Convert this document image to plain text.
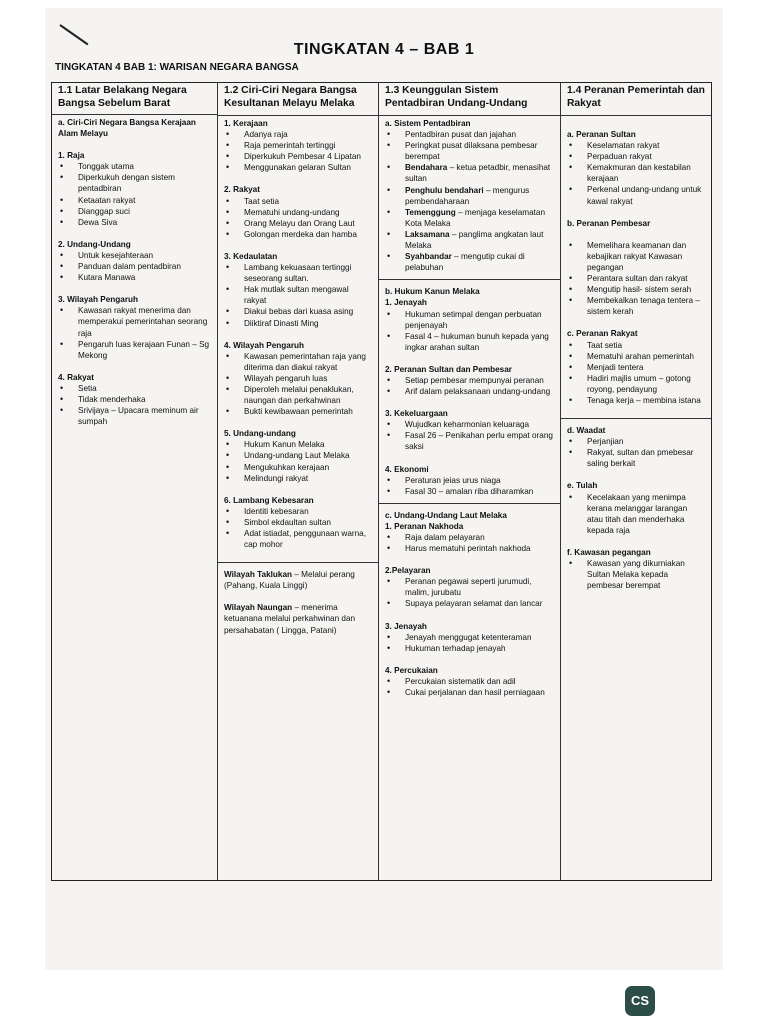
TINGKATAN 4 – BAB 1
TINGKATAN 4 BAB 1: WARISAN NEGARA BANGSA
1.1 Latar Belakang Negara Bangsa Sebelum Barat
a. Ciri-Ciri Negara Bangsa Kerajaan Alam Melayu
1. Raja
• Tonggak utama
• Diperkukuh dengan sistem pentadbiran
• Ketaatan rakyat
• Dianggap suci
• Dewa Siva
2. Undang-Undang
• Untuk kesejahteraan
• Panduan dalam pentadbiran
• Kutara Manawa
3. Wilayah Pengaruh
• Kawasan rakyat menerima dan memperakui pemerintahan seorang raja
• Pengaruh luas kerajaan Funan – Sg Mekong
4. Rakyat
• Setia
• Tidak menderhaka
• Srivijaya – Upacara meminum air sumpah
1.2 Ciri-Ciri Negara Bangsa Kesultanan Melayu Melaka
1. Kerajaan
• Adanya raja
• Raja pemerintah tertinggi
• Diperkukuh Pembesar 4 Lipatan
• Menggunakan gelaran Sultan
2. Rakyat
• Taat setia
• Mematuhi undang-undang
• Orang Melayu dan Orang Laut
• Golongan merdeka dan hamba
3. Kedaulatan
• Lambang kekuasaan tertinggi seseorang sultan.
• Hak mutlak sultan mengawal rakyat
• Diakui bebas dari kuasa asing
• Diiktiraf Dinasti Ming
4. Wilayah Pengaruh
• Kawasan pemerintahan raja yang diterima dan diakui rakyat
• Wilayah pengaruh luas
• Diperoleh melalui penaklukan, naungan dan perkahwinan
• Bukti kewibawaan pemerintah
5. Undang-undang
• Hukum Kanun Melaka
• Undang-undang Laut Melaka
• Mengukuhkan kerajaan
• Melindungi rakyat
6. Lambang Kebesaran
• Identiti kebesaran
• Simbol ekdaultan sultan
• Adat istiadat, penggunaan warna, cap mohor
Wilayah Taklukan – Melalui perang (Pahang, Kuala Linggi)
Wilayah Naungan – menerima ketuanana melalui perkahwinan dan persahabatan ( Lingga, Patani)
1.3 Keunggulan Sistem Pentadbiran Undang-Undang
a. Sistem Pentadbiran
• Pentadbiran pusat dan jajahan
• Peringkat pusat dilaksana pembesar berempat
• Bendahara – ketua petadbir, menasihat sultan
• Penghulu bendahari – mengurus pembendaharaan
• Temenggung – menjaga keselamatan Kota Melaka
• Laksamana – panglima angkatan laut Melaka
• Syahbandar – mengutip cukai di pelabuhan
b. Hukum Kanun Melaka
1. Jenayah
• Hukuman setimpal dengan perbuatan penjenayah
• Fasal 4 – hukuman bunuh kepada yang ingkar arahan sultan
2. Peranan Sultan dan Pembesar
• Setiap pembesar mempunyai peranan
• Arif dalam pelaksanaan undang-undang
3. Kekeluargaan
• Wujudkan keharmonian keluaraga
• Fasal 26 – Penikahan perlu empat orang saksi
4. Ekonomi
• Peraturan jeias urus niaga
• Fasal 30 – amalan riba diharamkan
c. Undang-Undang Laut Melaka
1. Peranan Nakhoda
• Raja dalam pelayaran
• Harus mematuhi perintah nakhoda
2.Pelayaran
• Peranan pegawai seperti jurumudi, malim, jurubatu
• Supaya pelayaran selamat dan lancar
3. Jenayah
• Jenayah menggugat ketenteraman
• Hukuman terhadap jenayah
4. Percukaian
• Percukaian sistematik dan adil
• Cukai perjalanan dan hasil perniagaan
1.4 Peranan Pemerintah dan Rakyat
a. Peranan Sultan
• Keselamatan rakyat
• Perpaduan rakyat
• Kemakmuran dan kestabilan kerajaan
• Perkenal undang-undang untuk kawal rakyat
b. Peranan Pembesar
• Memelihara keamanan dan kebajikan rakyat Kawasan pegangan
• Perantara sultan dan rakyat
• Mengutip hasil- sistem serah
• Membekalkan tenaga tentera – sistem kerah
c. Peranan Rakyat
• Taat setia
• Mematuhi arahan pemerintah
• Menjadi tentera
• Hadiri majlis umum – gotong royong, pendayung
• Tenaga kerja – membina istana
d. Waadat
• Perjanjian
• Rakyat, sultan dan pmebesar saling berkait
e. Tulah
• Kecelakaan yang menimpa kerana melanggar larangan atau titah dan menderhaka kepada raja
f. Kawasan pegangan
• Kawasan yang dikurniakan Sultan Melaka kepada pembesar berempat
CS
